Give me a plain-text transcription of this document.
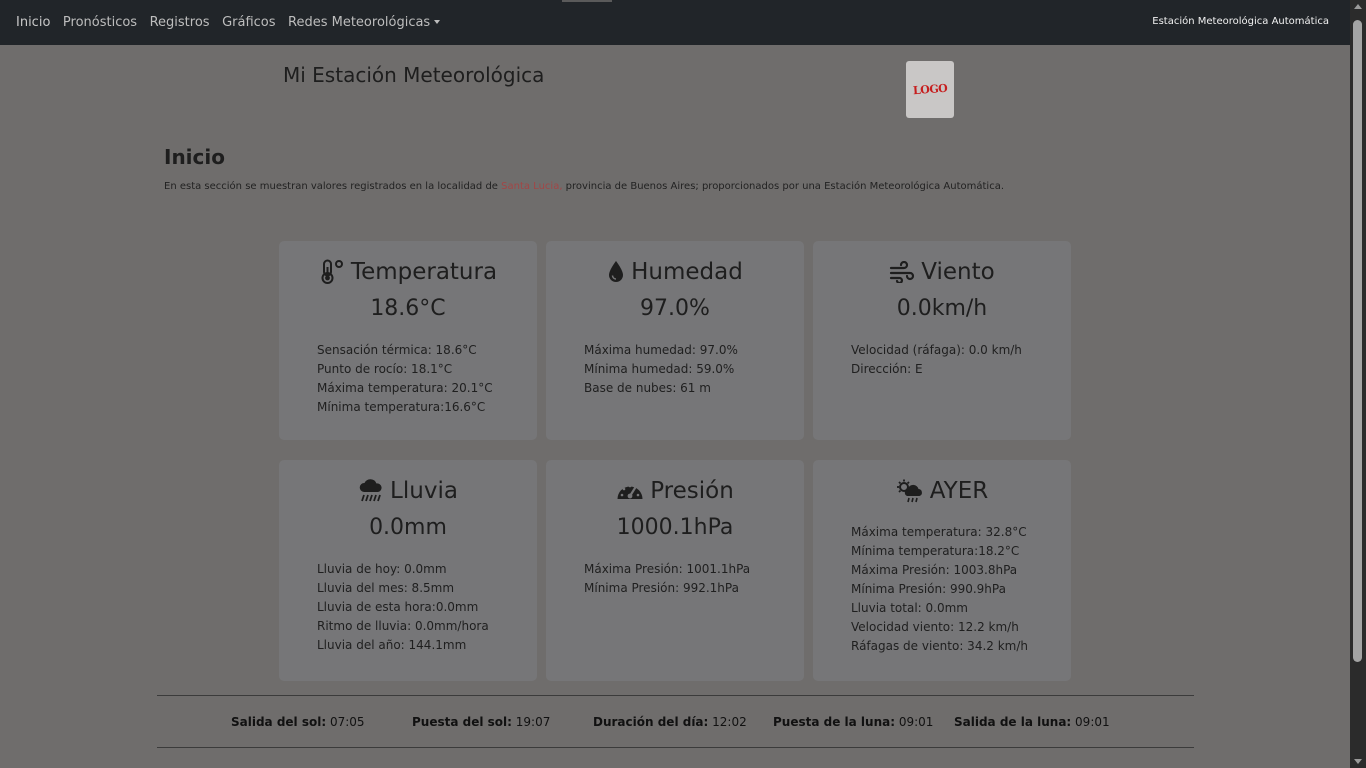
Inicio Pronósticos Registros Gráficos Redes Meteorológicas	Estación Meteorológica Automática
Mi Estación Meteorológica
LOGO
Inicio

En esta sección se muestran valores registrados en la localidad de Santa Lucia, provincia de Buenos Aires; proporcionados por una Estación Meteorológica Automática.

Temperatura
18.6°C
Sensación térmica: 18.6°C
Punto de rocío: 18.1°C
Máxima temperatura: 20.1°C
Mínima temperatura:16.6°C
Humedad
97.0%
Máxima humedad: 97.0%
Mínima humedad: 59.0%
Base de nubes: 61 m
Viento
0.0km/h
Velocidad (ráfaga): 0.0 km/h
Dirección: E
Lluvia
0.0mm
Lluvia de hoy: 0.0mm
Lluvia del mes: 8.5mm
Lluvia de esta hora:0.0mm
Ritmo de lluvia: 0.0mm/hora
Lluvia del año: 144.1mm
Presión
1000.1hPa
Máxima Presión: 1001.1hPa
Mínima Presión: 992.1hPa
AYER
Máxima temperatura: 32.8°C
Mínima temperatura:18.2°C
Máxima Presión: 1003.8hPa
Mínima Presión: 990.9hPa
Lluvia total: 0.0mm
Velocidad viento: 12.2 km/h
Ráfagas de viento: 34.2 km/h
Salida del sol: 07:05	Puesta del sol: 19:07	Duración del día: 12:02 Puesta de la luna: 09:01 Salida de la luna: 09:01
